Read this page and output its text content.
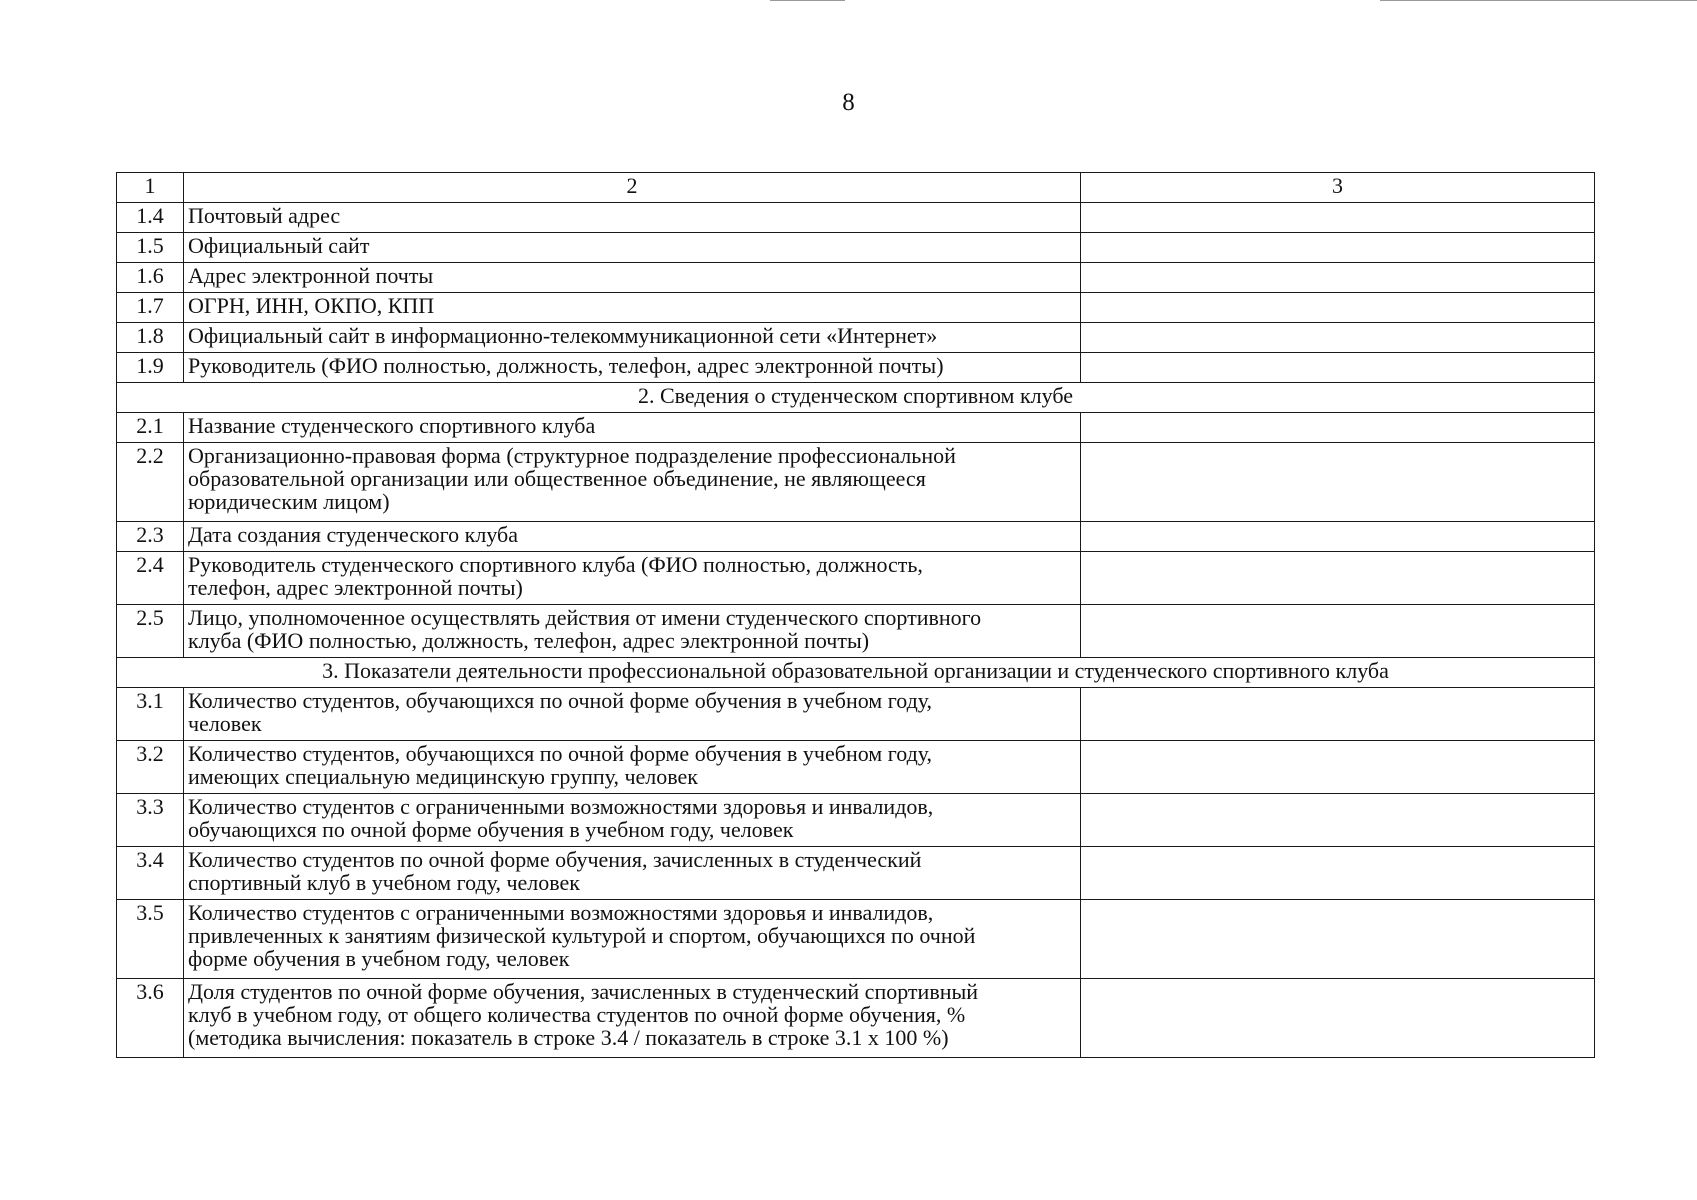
8
1	2	3
1.4	Почтовый адрес	
1.5	Официальный сайт	
1.6	Адрес электронной почты	
1.7	ОГРН, ИНН, ОКПО, КПП	
1.8	Официальный сайт в информационно-телекоммуникационной сети «Интернет»	
1.9	Руководитель (ФИО полностью, должность, телефон, адрес электронной почты)	
2. Сведения о студенческом спортивном клубе		
2.1	Название студенческого спортивного клуба	
2.2	Организационно-правовая форма (структурное подразделение профессиональной
образовательной организации или общественное объединение, не являющееся
юридическим лицом)	

2.3	Дата создания студенческого клуба	
2.4	Руководитель студенческого спортивного клуба (ФИО полностью, должность,
телефон, адрес электронной почты)	

2.5	Лицо, уполномоченное осуществлять действия от имени студенческого спортивного
клуба (ФИО полностью, должность, телефон, адрес электронной почты)	

3. Показатели деятельности профессиональной образовательной организации и студенческого спортивного клуба		
3.1	Количество студентов, обучающихся по очной форме обучения в учебном году,
человек	

3.2	Количество студентов, обучающихся по очной форме обучения в учебном году,
имеющих специальную медицинскую группу, человек	

3.3	Количество студентов с ограниченными возможностями здоровья и инвалидов,
обучающихся по очной форме обучения в учебном году, человек	

3.4	Количество студентов по очной форме обучения, зачисленных в студенческий
спортивный клуб в учебном году, человек	

3.5	Количество студентов с ограниченными возможностями здоровья и инвалидов,
привлеченных к занятиям физической культурой и спортом, обучающихся по очной
форме обучения в учебном году, человек	

3.6	Доля студентов по очной форме обучения, зачисленных в студенческий спортивный
клуб в учебном году, от общего количества студентов по очной форме обучения, %
(методика вычисления: показатель в строке 3.4 / показатель в строке 3.1 х 100 %)	
